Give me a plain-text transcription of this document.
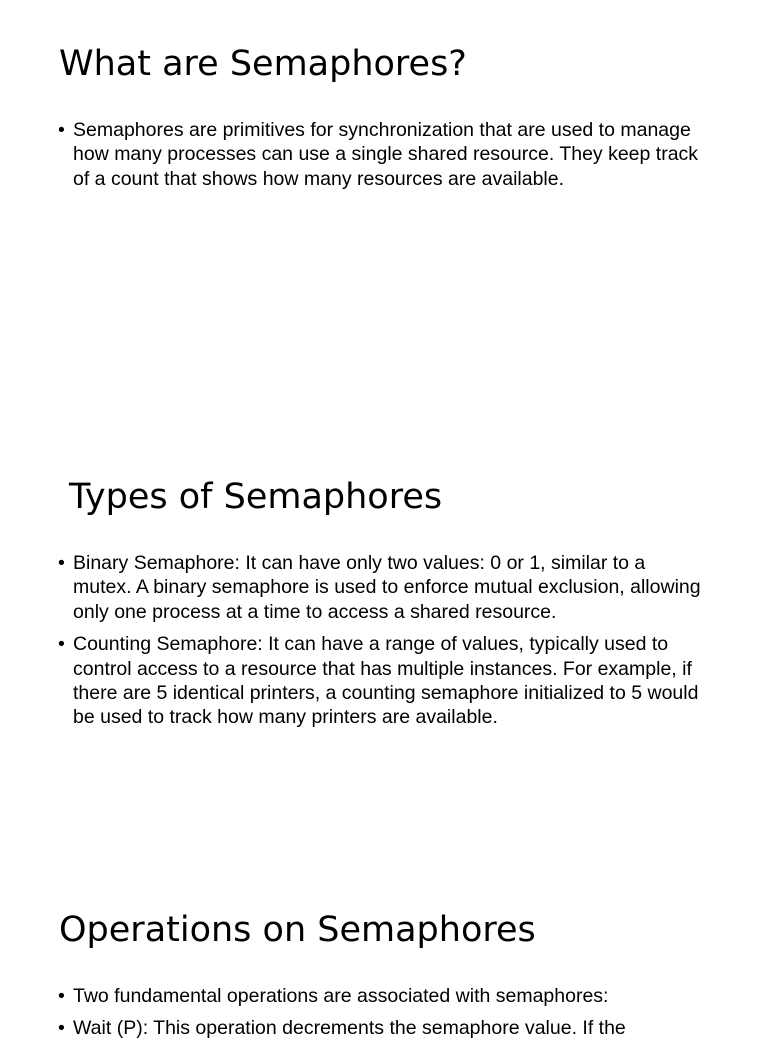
What are Semaphores?
• Semaphores are primitives for synchronization that are used to manage how many processes can use a single shared resource. They keep track of a count that shows how many resources are available.
Types of Semaphores
• Binary Semaphore: It can have only two values: 0 or 1, similar to a mutex. A binary semaphore is used to enforce mutual exclusion, allowing only one process at a time to access a shared resource.
• Counting Semaphore: It can have a range of values, typically used to control access to a resource that has multiple instances. For example, if there are 5 identical printers, a counting semaphore initialized to 5 would be used to track how many printers are available.
Operations on Semaphores
• Two fundamental operations are associated with semaphores:
• Wait (P): This operation decrements the semaphore value. If the
